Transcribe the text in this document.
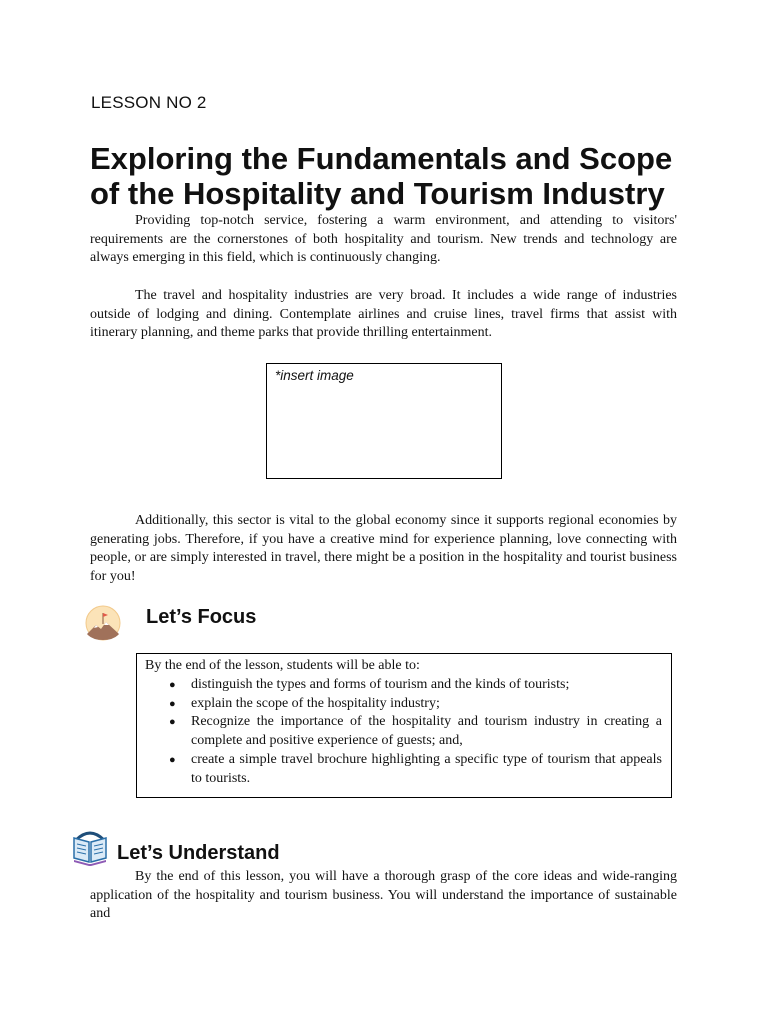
LESSON NO 2
Exploring the Fundamentals and Scope of the Hospitality and Tourism Industry

Providing top-notch service, fostering a warm environment, and attending to visitors' requirements are the cornerstones of both hospitality and tourism. New trends and technology are always emerging in this field, which is continuously changing.

The travel and hospitality industries are very broad. It includes a wide range of industries outside of lodging and dining. Contemplate airlines and cruise lines, travel firms that assist with itinerary planning, and theme parks that provide thrilling entertainment.

*insert image

Additionally, this sector is vital to the global economy since it supports regional economies by generating jobs. Therefore, if you have a creative mind for experience planning, love connecting with people, or are simply interested in travel, there might be a position in the hospitality and tourist business for you!

Let’s Focus
By the end of the lesson, students will be able to:
● distinguish the types and forms of tourism and the kinds of tourists;
● explain the scope of the hospitality industry;
● Recognize the importance of the hospitality and tourism industry in creating a complete and positive experience of guests; and,
● create a simple travel brochure highlighting a specific type of tourism that appeals to tourists.
Let’s Understand

By the end of this lesson, you will have a thorough grasp of the core ideas and wide-ranging application of the hospitality and tourism business. You will understand the importance of sustainable and
